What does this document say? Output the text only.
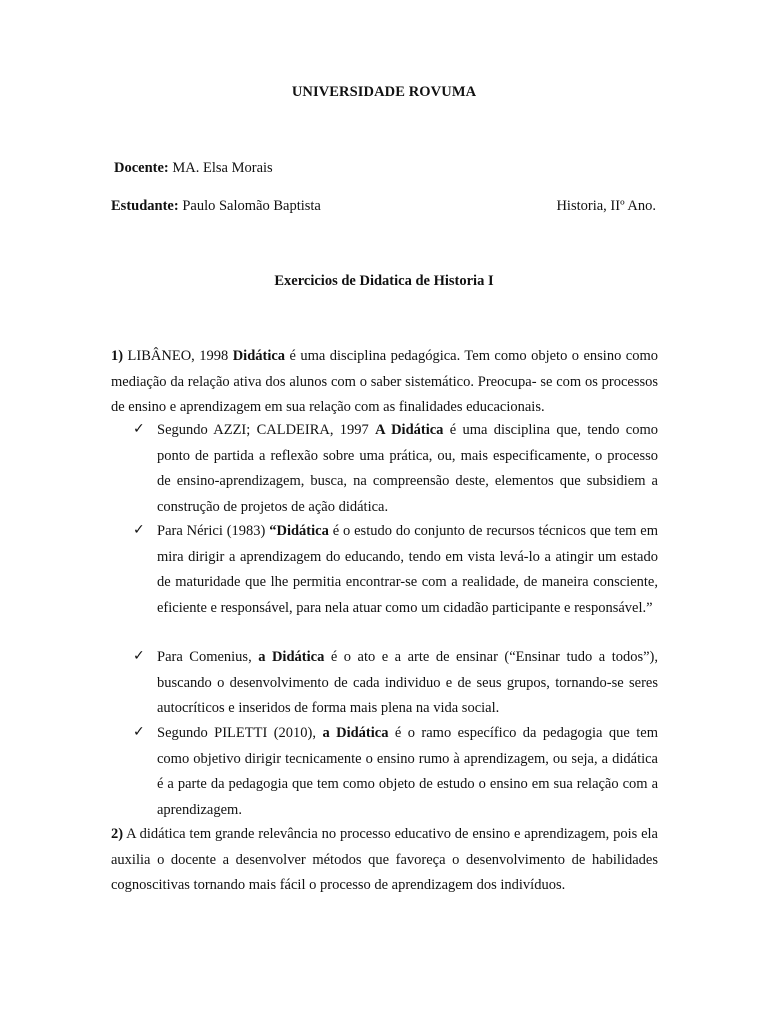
UNIVERSIDADE ROVUMA
Docente: MA. Elsa Morais
Estudante: Paulo Salomão Baptista	Historia, IIº Ano.
Exercicios de Didatica de Historia I
1) LIBÂNEO, 1998 Didática é uma disciplina pedagógica. Tem como objeto o ensino como mediação da relação ativa dos alunos com o saber sistemático. Preocupa- se com os processos de ensino e aprendizagem em sua relação com as finalidades educacionais.
✓ Segundo AZZI; CALDEIRA, 1997 A Didática é uma disciplina que, tendo como ponto de partida a reflexão sobre uma prática, ou, mais especificamente, o processo de ensino-aprendizagem, busca, na compreensão deste, elementos que subsidiem a construção de projetos de ação didática.
✓ Para Nérici (1983) “Didática é o estudo do conjunto de recursos técnicos que tem em mira dirigir a aprendizagem do educando, tendo em vista levá-lo a atingir um estado de maturidade que lhe permitia encontrar-se com a realidade, de maneira consciente, eficiente e responsável, para nela atuar como um cidadão participante e responsável.”
✓ Para Comenius, a Didática é o ato e a arte de ensinar (“Ensinar tudo a todos”), buscando o desenvolvimento de cada individuo e de seus grupos, tornando-se seres autocríticos e inseridos de forma mais plena na vida social.
✓ Segundo PILETTI (2010), a Didática é o ramo específico da pedagogia que tem como objetivo dirigir tecnicamente o ensino rumo à aprendizagem, ou seja, a didática é a parte da pedagogia que tem como objeto de estudo o ensino em sua relação com a aprendizagem.
2) A didática tem grande relevância no processo educativo de ensino e aprendizagem, pois ela auxilia o docente a desenvolver métodos que favoreça o desenvolvimento de habilidades cognoscitivas tornando mais fácil o processo de aprendizagem dos indivíduos.
